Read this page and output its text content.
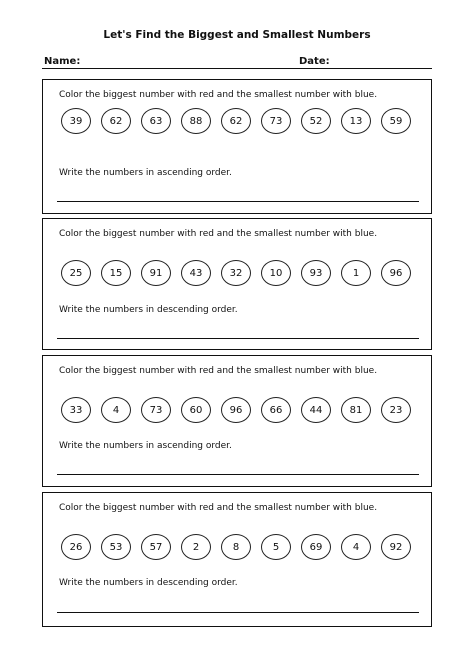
Let's Find the Biggest and Smallest Numbers
Name:	Date:
Color the biggest number with red and the smallest number with blue.
39	62	63	88	62	73	52	13	59
Write the numbers in ascending order.
Color the biggest number with red and the smallest number with blue.
25	15	91	43	32	10	93	1	96
Write the numbers in descending order.
Color the biggest number with red and the smallest number with blue.
33	4	73	60	96	66	44	81	23
Write the numbers in ascending order.
Color the biggest number with red and the smallest number with blue.
26	53	57	2	8	5	69	4	92
Write the numbers in descending order.
